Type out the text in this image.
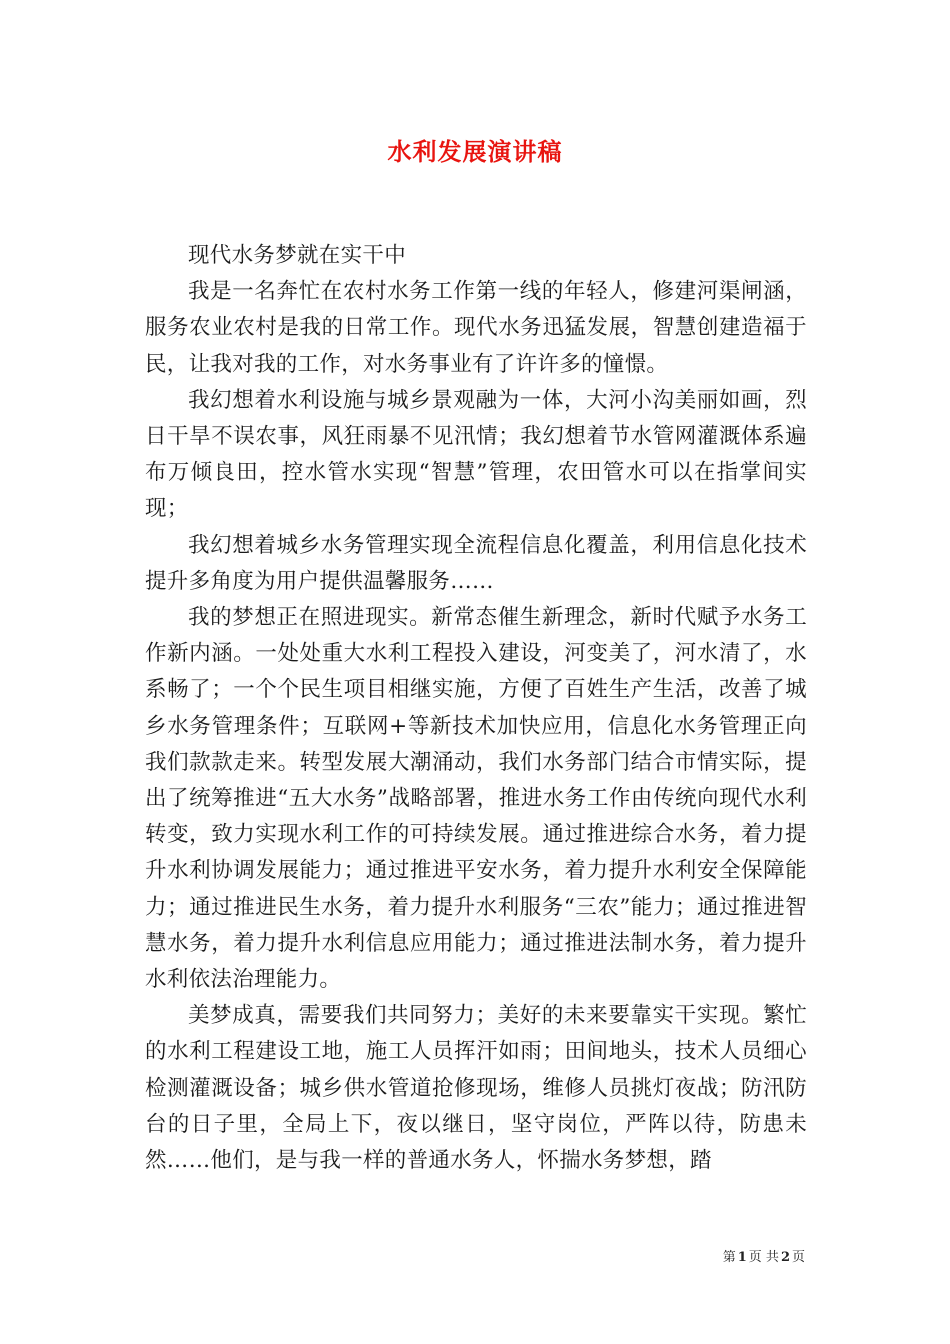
水利发展演讲稿

现代水务梦就在实干中

我是一名奔忙在农村水务工作第一线的年轻人，修建河渠闸涵，服务农业农村是我的日常工作。现代水务迅猛发展，智慧创建造福于民，让我对我的工作，对水务事业有了许许多的憧憬。

我幻想着水利设施与城乡景观融为一体，大河小沟美丽如画，烈日干旱不误农事，风狂雨暴不见汛情；我幻想着节水管网灌溉体系遍布万倾良田，控水管水实现“智慧”管理，农田管水可以在指掌间实现；

我幻想着城乡水务管理实现全流程信息化覆盖，利用信息化技术提升多角度为用户提供温馨服务……

我的梦想正在照进现实。新常态催生新理念，新时代赋予水务工作新内涵。一处处重大水利工程投入建设，河变美了，河水清了，水系畅了；一个个民生项目相继实施，方便了百姓生产生活，改善了城乡水务管理条件；互联网+等新技术加快应用，信息化水务管理正向我们款款走来。转型发展大潮涌动，我们水务部门结合市情实际，提出了统筹推进“五大水务”战略部署，推进水务工作由传统向现代水利转变，致力实现水利工作的可持续发展。通过推进综合水务，着力提升水利协调发展能力；通过推进平安水务，着力提升水利安全保障能力；通过推进民生水务，着力提升水利服务“三农”能力；通过推进智慧水务，着力提升水利信息应用能力；通过推进法制水务，着力提升水利依法治理能力。

美梦成真，需要我们共同努力；美好的未来要靠实干实现。繁忙的水利工程建设工地，施工人员挥汗如雨；田间地头，技术人员细心检测灌溉设备；城乡供水管道抢修现场，维修人员挑灯夜战；防汛防台的日子里，全局上下，夜以继日，坚守岗位，严阵以待，防患未然……他们，是与我一样的普通水务人，怀揣水务梦想，踏

第 1 页 共 2 页
